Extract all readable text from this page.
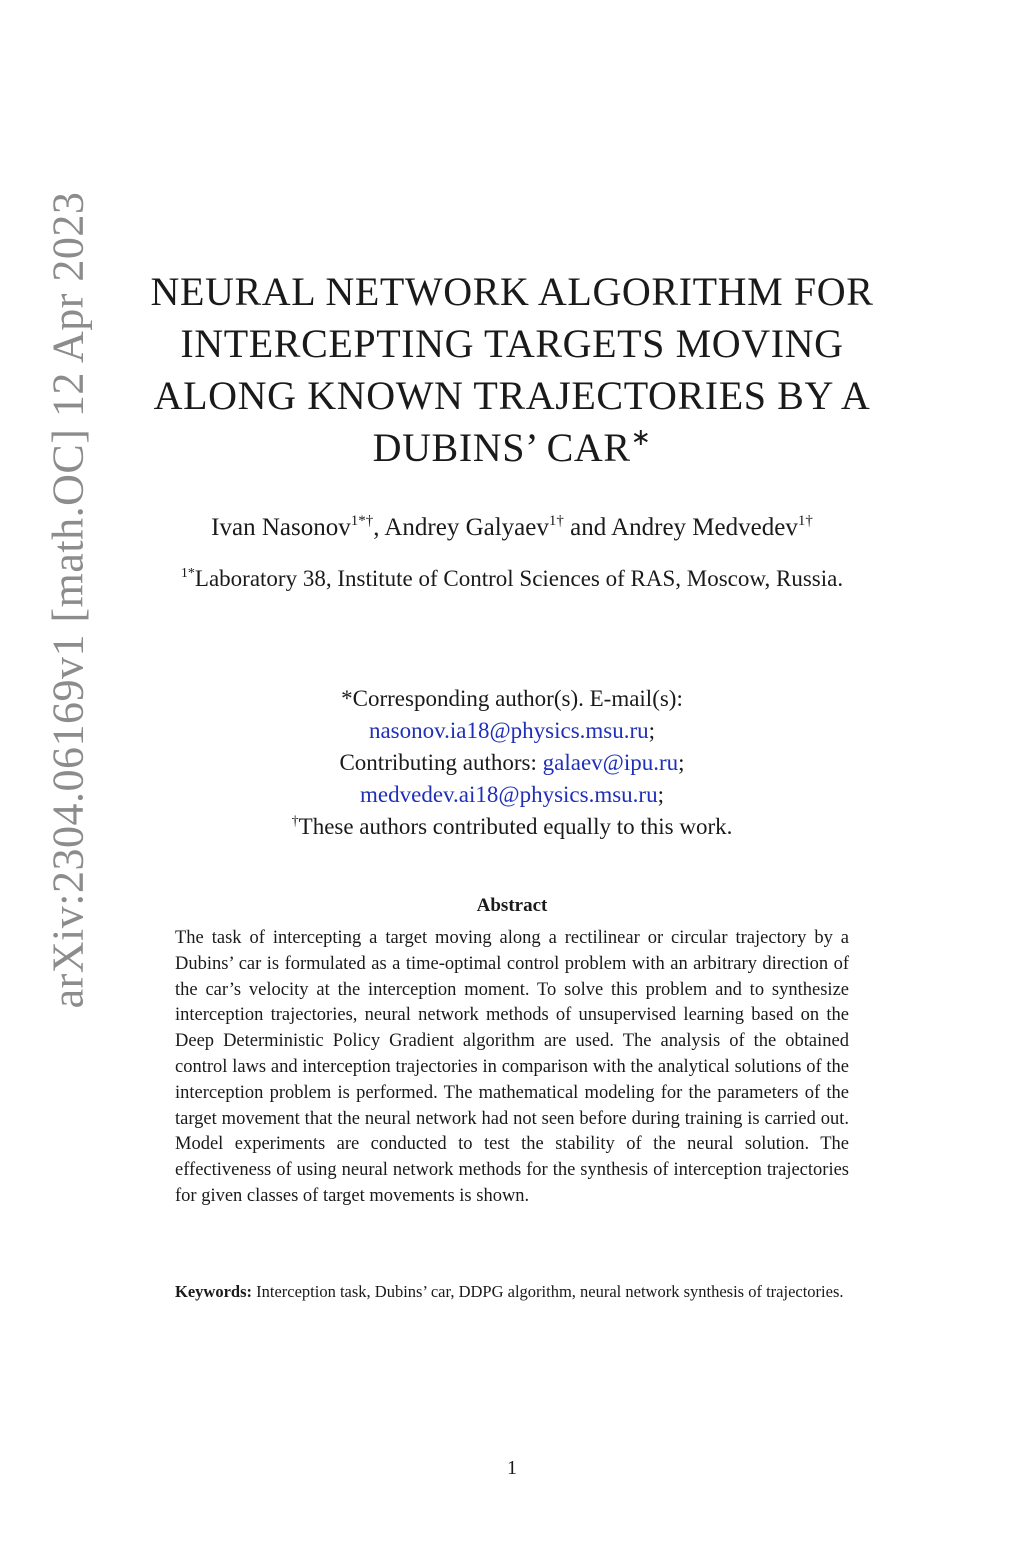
arXiv:2304.06169v1 [math.OC] 12 Apr 2023 NEURAL NETWORK ALGORITHM FOR INTERCEPTING TARGETS MOVING ALONG KNOWN TRAJECTORIES BY A DUBINS’ CAR∗
Ivan Nasonov$^{1*\dagger}$, Andrey Galyaev$^{1\dagger}$ and Andrey Medvedev$^{1\dagger}$
$^{1*}$Laboratory 38, Institute of Control Sciences of RAS, Moscow, Russia.
*Corresponding author(s). E-mail(s):
nasonov.ia18@physics.msu.ru;
Contributing authors: galaev@ipu.ru;
medvedev.ai18@physics.msu.ru;
†These authors contributed equally to this work.
Abstract

The task of intercepting a target moving along a rectilinear or circular trajectory by a Dubins’ car is formulated as a time-optimal control problem with an arbitrary direction of the car’s velocity at the interception moment. To solve this problem and to synthesize interception trajectories, neural network methods of unsupervised learning based on the Deep Deterministic Policy Gradient algorithm are used. The analysis of the obtained control laws and interception trajectories in comparison with the analytical solutions of the interception problem is performed. The mathematical modeling for the parameters of the target movement that the neural network had not seen before during training is carried out. Model experiments are conducted to test the stability of the neural solution. The effectiveness of using neural network methods for the synthesis of interception trajectories for given classes of target movements is shown.

Keywords: Interception task, Dubins’ car, DDPG algorithm, neural network synthesis of trajectories.

1
